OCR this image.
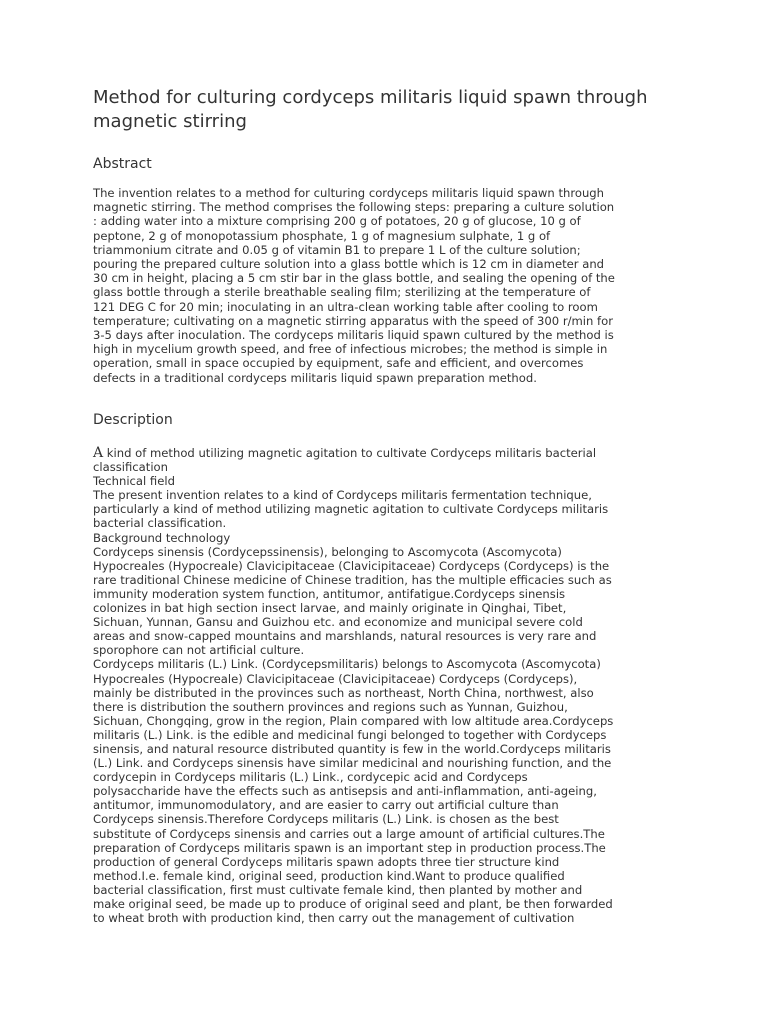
Method for culturing cordyceps militaris liquid spawn through magnetic stirring
Abstract

The invention relates to a method for culturing cordyceps militaris liquid spawn through
magnetic stirring. The method comprises the following steps: preparing a culture solution
: adding water into a mixture comprising 200 g of potatoes, 20 g of glucose, 10 g of
peptone, 2 g of monopotassium phosphate, 1 g of magnesium sulphate, 1 g of
triammonium citrate and 0.05 g of vitamin B1 to prepare 1 L of the culture solution;
pouring the prepared culture solution into a glass bottle which is 12 cm in diameter and
30 cm in height, placing a 5 cm stir bar in the glass bottle, and sealing the opening of the
glass bottle through a sterile breathable sealing film; sterilizing at the temperature of
121 DEG C for 20 min; inoculating in an ultra-clean working table after cooling to room
temperature; cultivating on a magnetic stirring apparatus with the speed of 300 r/min for
3-5 days after inoculation. The cordyceps militaris liquid spawn cultured by the method is
high in mycelium growth speed, and free of infectious microbes; the method is simple in
operation, small in space occupied by equipment, safe and efficient, and overcomes
defects in a traditional cordyceps militaris liquid spawn preparation method.

Description

A kind of method utilizing magnetic agitation to cultivate Cordyceps militaris bacterial
classification

Technical field

The present invention relates to a kind of Cordyceps militaris fermentation technique,
particularly a kind of method utilizing magnetic agitation to cultivate Cordyceps militaris
bacterial classification.

Background technology

Cordyceps sinensis (Cordycepssinensis), belonging to Ascomycota (Ascomycota)
Hypocreales (Hypocreale) Clavicipitaceae (Clavicipitaceae) Cordyceps (Cordyceps) is the
rare traditional Chinese medicine of Chinese tradition, has the multiple efficacies such as
immunity moderation system function, antitumor, antifatigue.Cordyceps sinensis
colonizes in bat high section insect larvae, and mainly originate in Qinghai, Tibet,
Sichuan, Yunnan, Gansu and Guizhou etc. and economize and municipal severe cold
areas and snow-capped mountains and marshlands, natural resources is very rare and
sporophore can not artificial culture.

Cordyceps militaris (L.) Link. (Cordycepsmilitaris) belongs to Ascomycota (Ascomycota)
Hypocreales (Hypocreale) Clavicipitaceae (Clavicipitaceae) Cordyceps (Cordyceps),
mainly be distributed in the provinces such as northeast, North China, northwest, also
there is distribution the southern provinces and regions such as Yunnan, Guizhou,
Sichuan, Chongqing, grow in the region, Plain compared with low altitude area.Cordyceps
militaris (L.) Link. is the edible and medicinal fungi belonged to together with Cordyceps
sinensis, and natural resource distributed quantity is few in the world.Cordyceps militaris
(L.) Link. and Cordyceps sinensis have similar medicinal and nourishing function, and the
cordycepin in Cordyceps militaris (L.) Link., cordycepic acid and Cordyceps
polysaccharide have the effects such as antisepsis and anti-inflammation, anti-ageing,
antitumor, immunomodulatory, and are easier to carry out artificial culture than
Cordyceps sinensis.Therefore Cordyceps militaris (L.) Link. is chosen as the best
substitute of Cordyceps sinensis and carries out a large amount of artificial cultures.The
preparation of Cordyceps militaris spawn is an important step in production process.The
production of general Cordyceps militaris spawn adopts three tier structure kind
method.I.e. female kind, original seed, production kind.Want to produce qualified
bacterial classification, first must cultivate female kind, then planted by mother and
make original seed, be made up to produce of original seed and plant, be then forwarded
to wheat broth with production kind, then carry out the management of cultivation
